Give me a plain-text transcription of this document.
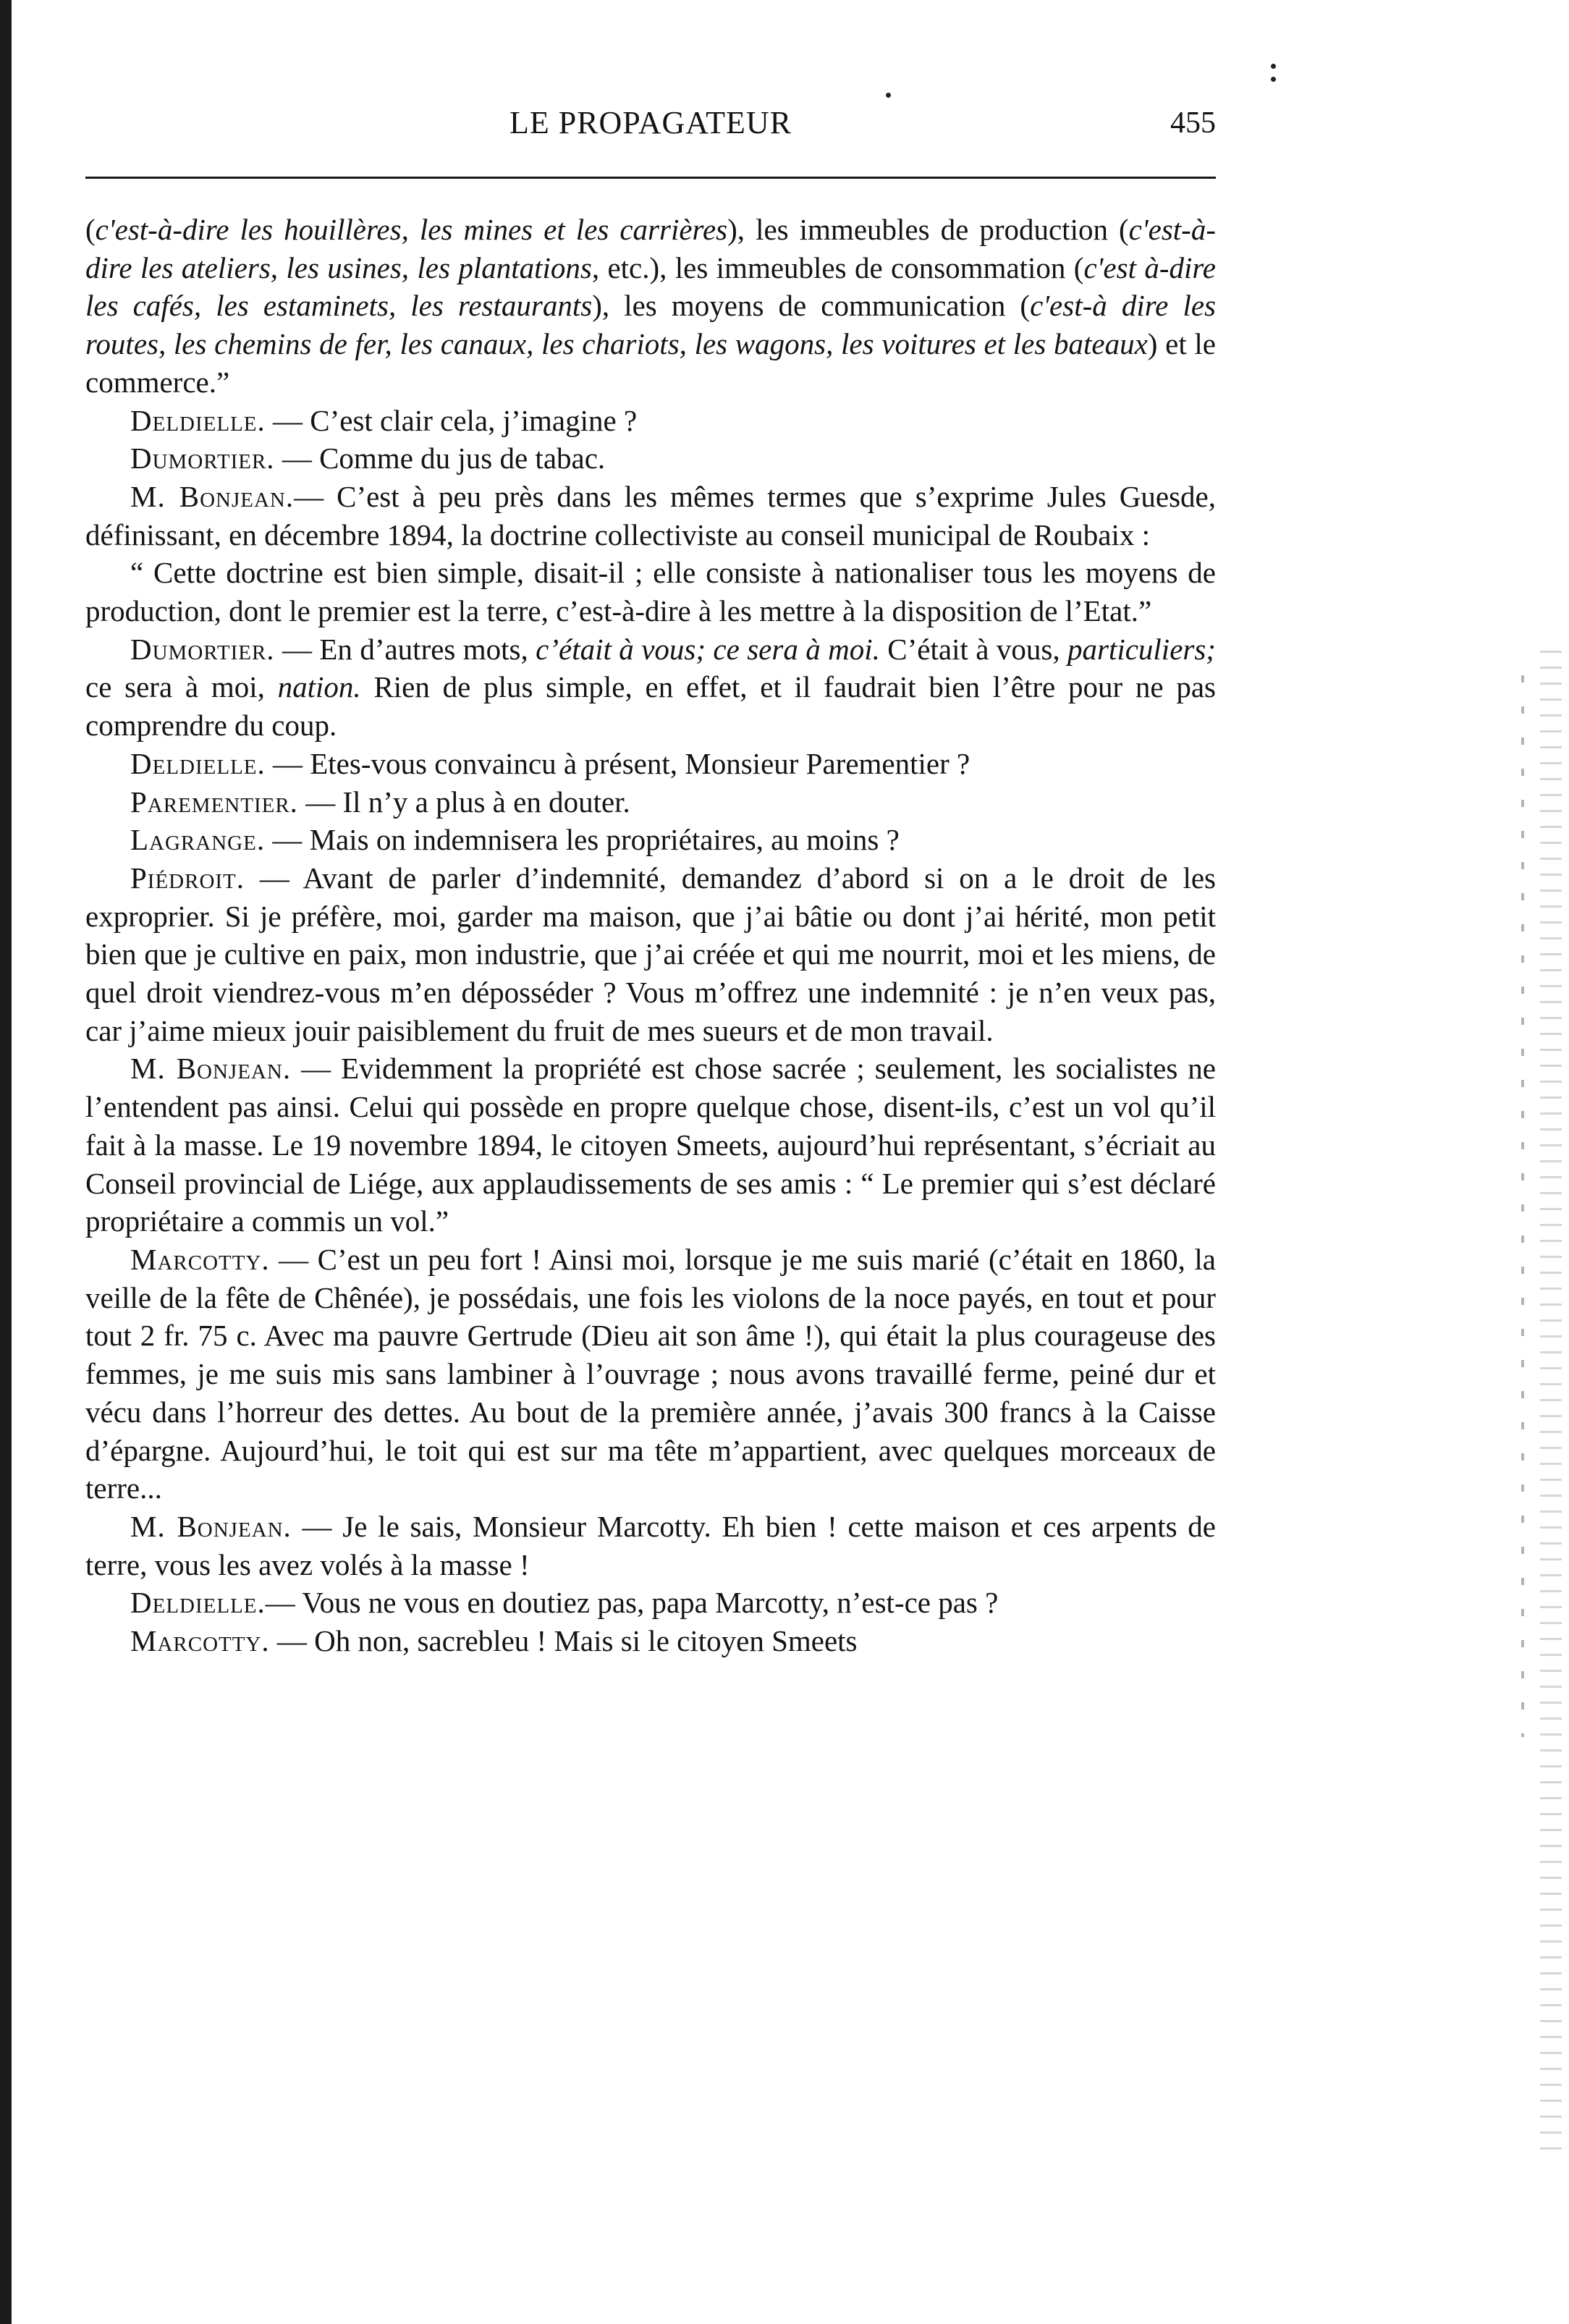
LE PROPAGATEUR	455

(c'est-à-dire les houillères, les mines et les carrières), les immeubles de production (c'est-à-dire les ateliers, les usines, les plantations, etc.), les immeubles de consommation (c'est à-dire les cafés, les estaminets, les restaurants), les moyens de communication (c'est-à dire les routes, les chemins de fer, les canaux, les chariots, les wagons, les voitures et les bateaux) et le commerce.”

Deldielle. — C’est clair cela, j’imagine ?

Dumortier. — Comme du jus de tabac.

M. Bonjean.— C’est à peu près dans les mêmes termes que s’exprime Jules Guesde, définissant, en décembre 1894, la doctrine collectiviste au conseil municipal de Roubaix :

“ Cette doctrine est bien simple, disait-il ; elle consiste à nationaliser tous les moyens de production, dont le premier est la terre, c’est-à-dire à les mettre à la disposition de l’Etat.”

Dumortier. — En d’autres mots, c’était à vous; ce sera à moi. C’était à vous, particuliers; ce sera à moi, nation. Rien de plus simple, en effet, et il faudrait bien l’être pour ne pas comprendre du coup.

Deldielle. — Etes-vous convaincu à présent, Monsieur Parementier ?

Parementier. — Il n’y a plus à en douter.

Lagrange. — Mais on indemnisera les propriétaires, au moins ?

Piédroit. — Avant de parler d’indemnité, demandez d’abord si on a le droit de les exproprier. Si je préfère, moi, garder ma maison, que j’ai bâtie ou dont j’ai hérité, mon petit bien que je cultive en paix, mon industrie, que j’ai créée et qui me nourrit, moi et les miens, de quel droit viendrez-vous m’en déposséder ? Vous m’offrez une indemnité : je n’en veux pas, car j’aime mieux jouir paisiblement du fruit de mes sueurs et de mon travail.

M. Bonjean. — Evidemment la propriété est chose sacrée ; seulement, les socialistes ne l’entendent pas ainsi. Celui qui possède en propre quelque chose, disent-ils, c’est un vol qu’il fait à la masse. Le 19 novembre 1894, le citoyen Smeets, aujourd’hui représentant, s’écriait au Conseil provincial de Liége, aux applaudissements de ses amis : “ Le premier qui s’est déclaré propriétaire a commis un vol.”

Marcotty. — C’est un peu fort ! Ainsi moi, lorsque je me suis marié (c’était en 1860, la veille de la fête de Chênée), je possédais, une fois les violons de la noce payés, en tout et pour tout 2 fr. 75 c. Avec ma pauvre Gertrude (Dieu ait son âme !), qui était la plus courageuse des femmes, je me suis mis sans lambiner à l’ouvrage ; nous avons travaillé ferme, peiné dur et vécu dans l’horreur des dettes. Au bout de la première année, j’avais 300 francs à la Caisse d’épargne. Aujourd’hui, le toit qui est sur ma tête m’appartient, avec quelques morceaux de terre...

M. Bonjean. — Je le sais, Monsieur Marcotty. Eh bien ! cette maison et ces arpents de terre, vous les avez volés à la masse !

Deldielle.— Vous ne vous en doutiez pas, papa Marcotty, n’est-ce pas ?

Marcotty. — Oh non, sacrebleu ! Mais si le citoyen Smeets
